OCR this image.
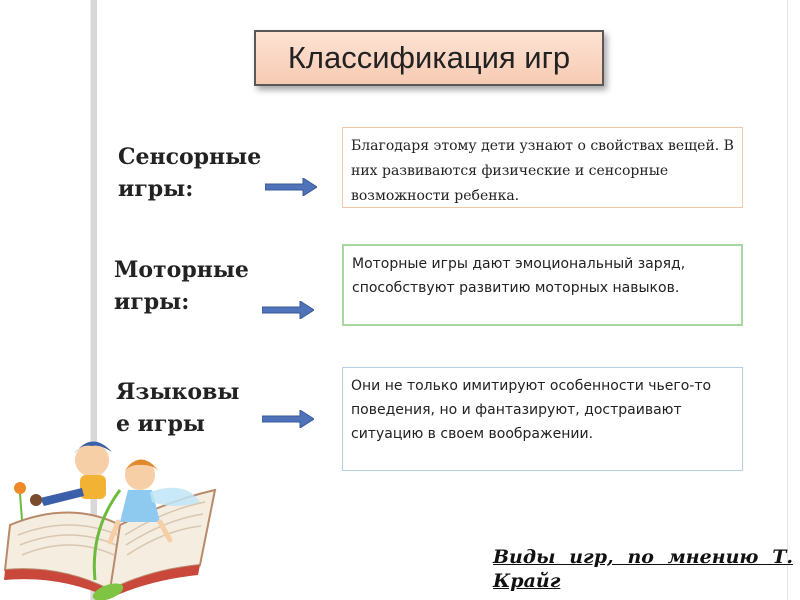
Классификация игр
Сенсорные
игры:
Благодаря этому дети узнают о свойствах вещей. В них развиваются физические и сенсорные возможности ребенка.
Моторные
игры:
Моторные игры дают эмоциональный заряд, способствуют развитию моторных навыков.
Языковы
е игры
Они не только имитируют особенности чьего-то поведения, но и фантазируют, достраивают ситуацию в своем воображении.
Виды игр, по мнению Т. Крайг
